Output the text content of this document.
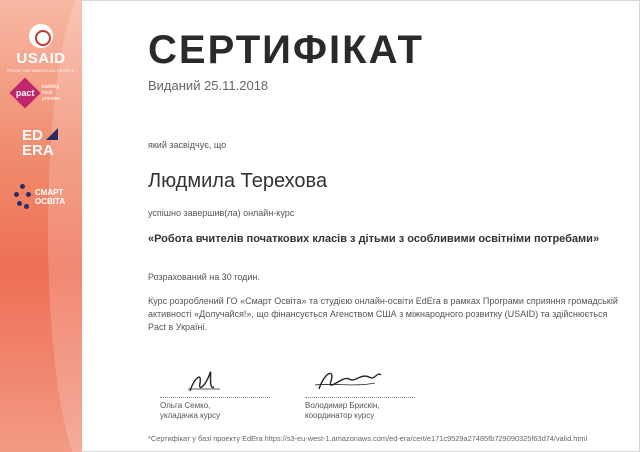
USAID
FROM THE AMERICAN PEOPLE
pact
building
local
promise.
ED
ERA
СМАРТ
ОСВІТА
СЕРТИФІКАТ
Виданий 25.11.2018
який засвідчує, що
Людмила Терехова
успішно завершив(ла) онлайн-курс
«Робота вчителів початкових класів з дітьми з особливими освітніми потребами»
Розрахований на 30 годин.
Курс розроблений ГО «Смарт Освіта» та студією онлайн-освіти EdEra в рамках Програми сприяння громадській активності «Долучайся!», що фінансується Агенством США з міжнародного розвитку (USAID) та здійснюється Pact в Україні.
Ольга Семко,
укладачка курсу
Володимир Брискін,
координатор курсу
*Сертифікат у базі проекту EdEra https://s3-eu-west-1.amazonaws.com/ed-era/cert/e171c9529a27485fb729090325f63d74/valid.html
